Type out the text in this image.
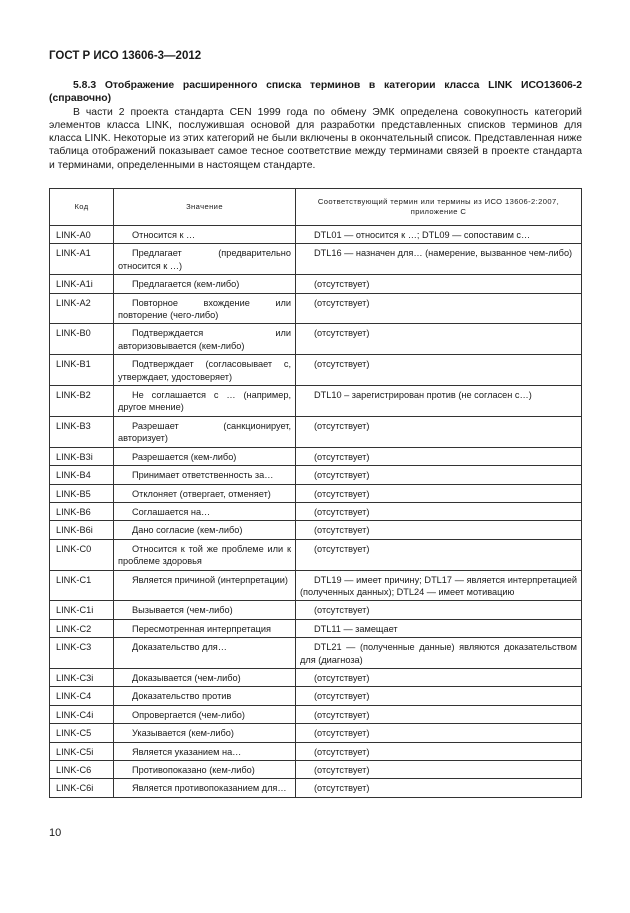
ГОСТ Р ИСО 13606-3—2012

5.8.3 Отображение расширенного списка терминов в категории класса LINK ИСО13606-2 (справочно)

В части 2 проекта стандарта CEN 1999 года по обмену ЭМК определена совокупность категорий элементов класса LINK, послужившая основой для разработки представленных списков терминов для класса LINK. Некоторые из этих категорий не были включены в окончательный список. Представленная ниже таблица отображений показывает самое тесное соответствие между терминами связей в проекте стандарта и терминами, определенными в настоящем стандарте.

Код	Значение	Соответствующий термин или термины из ИСО 13606-2:2007, приложение С
LINK-A0	Относится к …	DTL01 — относится к …; DTL09 — сопоставим с…
LINK-A1	Предлагает (предварительно относится к …)	DTL16 — назначен для… (намерение, вызванное чем-либо)
LINK-A1i	Предлагается (кем-либо)	(отсутствует)
LINK-A2	Повторное вхождение или повторение (чего-либо)	(отсутствует)
LINK-B0	Подтверждается или авторизовывается (кем-либо)	(отсутствует)
LINK-B1	Подтверждает (согласовывает с, утверждает, удостоверяет)	(отсутствует)
LINK-B2	Не соглашается с … (например, другое мнение)	DTL10 – зарегистрирован против (не согласен с…)
LINK-B3	Разрешает (санкционирует, авторизует)	(отсутствует)
LINK-B3i	Разрешается (кем-либо)	(отсутствует)
LINK-B4	Принимает ответственность за…	(отсутствует)
LINK-B5	Отклоняет (отвергает, отменяет)	(отсутствует)
LINK-B6	Соглашается на…	(отсутствует)
LINK-B6i	Дано согласие (кем-либо)	(отсутствует)
LINK-C0	Относится к той же проблеме или к проблеме здоровья	(отсутствует)
LINK-C1	Является причиной (интерпретации)	DTL19 — имеет причину; DTL17 — является интерпретацией (полученных данных); DTL24 — имеет мотивацию
LINK-C1i	Вызывается (чем-либо)	(отсутствует)
LINK-C2	Пересмотренная интерпретация	DTL11 — замещает
LINK-C3	Доказательство для…	DTL21 — (полученные данные) являются доказательством для (диагноза)
LINK-C3i	Доказывается (чем-либо)	(отсутствует)
LINK-C4	Доказательство против	(отсутствует)
LINK-C4i	Опровергается (чем-либо)	(отсутствует)
LINK-C5	Указывается (кем-либо)	(отсутствует)
LINK-C5i	Является указанием на…	(отсутствует)
LINK-C6	Противопоказано (кем-либо)	(отсутствует)
LINK-C6i	Является противопоказанием для…	(отсутствует)
10
